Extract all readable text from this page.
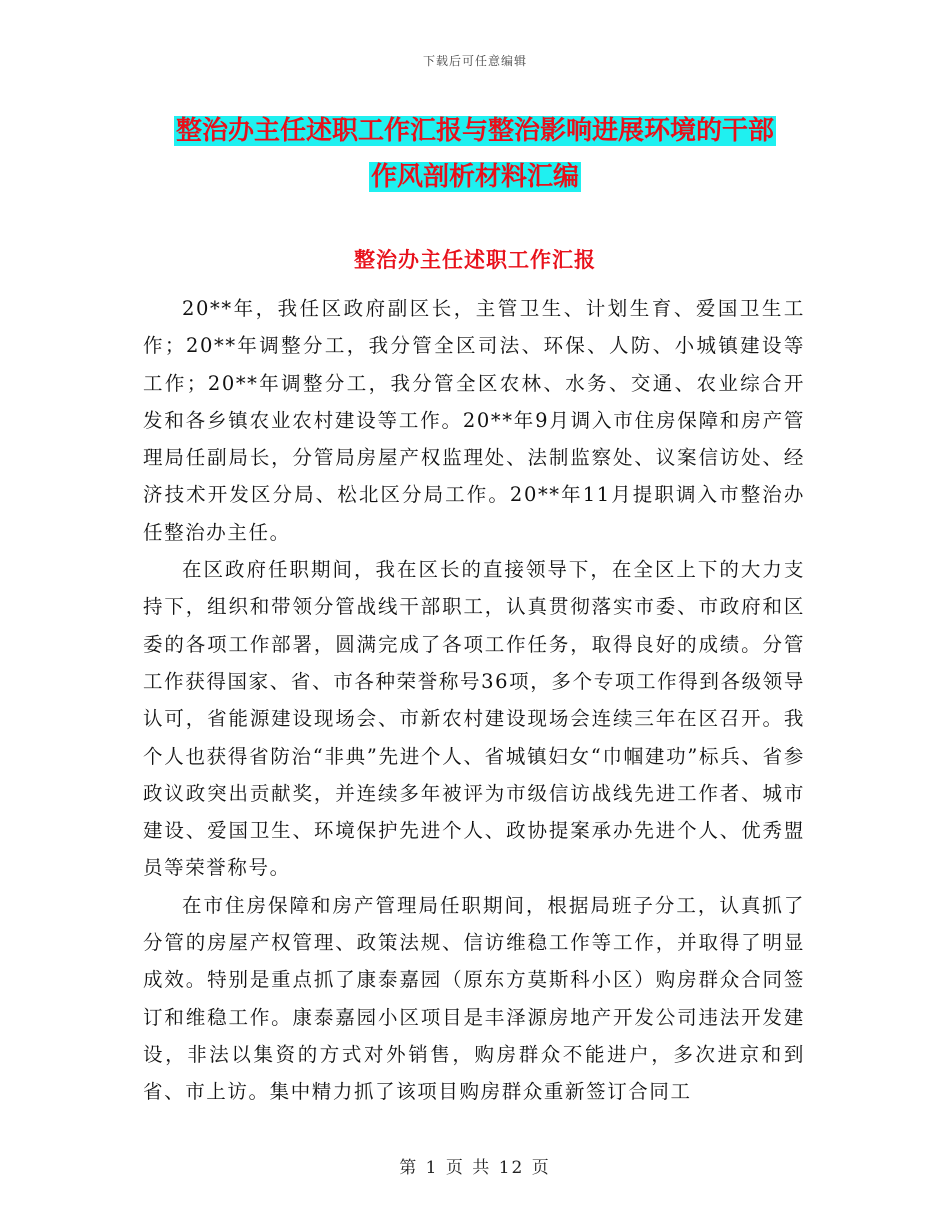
下载后可任意编辑
整治办主任述职工作汇报与整治影响进展环境的干部
作风剖析材料汇编
整治办主任述职工作汇报

20**年，我任区政府副区长，主管卫生、计划生育、爱国卫生工作；20**年调整分工，我分管全区司法、环保、人防、小城镇建设等工作；20**年调整分工，我分管全区农林、水务、交通、农业综合开发和各乡镇农业农村建设等工作。20**年9月调入市住房保障和房产管理局任副局长，分管局房屋产权监理处、法制监察处、议案信访处、经济技术开发区分局、松北区分局工作。20**年11月提职调入市整治办任整治办主任。

在区政府任职期间，我在区长的直接领导下，在全区上下的大力支持下，组织和带领分管战线干部职工，认真贯彻落实市委、市政府和区委的各项工作部署，圆满完成了各项工作任务，取得良好的成绩。分管工作获得国家、省、市各种荣誉称号36项，多个专项工作得到各级领导认可，省能源建设现场会、市新农村建设现场会连续三年在区召开。我个人也获得省防治“非典”先进个人、省城镇妇女“巾帼建功”标兵、省参政议政突出贡献奖，并连续多年被评为市级信访战线先进工作者、城市建设、爱国卫生、环境保护先进个人、政协提案承办先进个人、优秀盟员等荣誉称号。

在市住房保障和房产管理局任职期间，根据局班子分工，认真抓了分管的房屋产权管理、政策法规、信访维稳工作等工作，并取得了明显成效。特别是重点抓了康泰嘉园（原东方莫斯科小区）购房群众合同签订和维稳工作。康泰嘉园小区项目是丰泽源房地产开发公司违法开发建设，非法以集资的方式对外销售，购房群众不能进户，多次进京和到省、市上访。集中精力抓了该项目购房群众重新签订合同工

第 1 页 共 12 页
